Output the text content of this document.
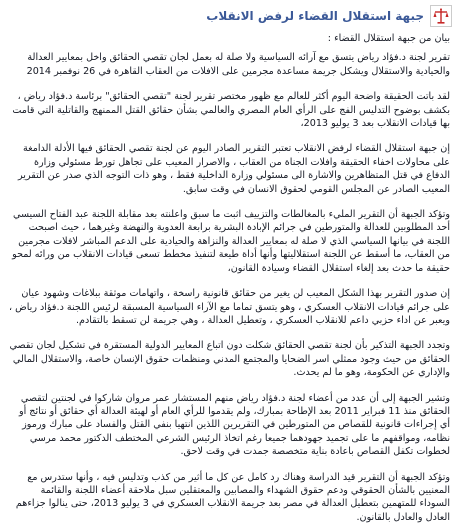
جبهة استقلال القضاء لرفض الانقلاب

بيان من جبهة استقلال القضاء :

تقرير لجنة د.فؤاد رياض يتسق مع آرائه السياسية ولا صلة له بعمل لجان تقصي الحقائق واخل بمعايير العدالة والحيادية والاستقلال ويشكل جريمة مساعدة مجرمين على الافلات من العقاب القاهرة في 26 نوفمبر 2014

لقد باتت الحقيقة واضحة اليوم أكثر للعالم مع ظهور مختصر تقرير لجنة "تقصي الحقائق" برئاسة د.فؤاد رياض ، بكشف بوضوح التدليس الفج على الرأي العام المصري والعالمي بشأن حقائق القتل الممنهج والقاتلية التي قامت بها قيادات الانقلاب بعد 3 يوليو 2013،

إن جبهة استقلال القضاء لرفض الانقلاب تعتبر التقرير الصادر اليوم عن لجنة تقصي الحقائق فيها الأدلة الدامغة على محاولات اخفاء الحقيقة وافلات الجناة من العقاب ، والاصرار المعيب على تجاهل تورط مسئولي وزارة الدفاع في قتل المتظاهرين والاشارة الى مسئولي وزارة الداخلية فقط ، وهو ذات التوجه الذي صدر عن التقرير المعيب الصادر عن المجلس القومي لحقوق الانسان في وقت سابق.

وتؤكد الجبهة أن التقرير المليء بالمغالطات والتزييف اثبت ما سبق واعلنته بعد مقابلة اللجنة عبد الفتاح السيسي أحد المطلوبين للعدالة والمتورطين في جرائم الإبادة البشرية برابعة العدوية والنهضة وغيرهما ، حيث اصبحت اللجنة في بيانها السياسي الذي لا صلة له بمعايير العدالة والنزاهة والحيادية على الدعم المباشر لافلات مجرمين من العقاب، ما أسقط عن اللجنة استقلاليتها وأنها أداة طيعة لتنفيذ مخطط تسعى قيادات الانقلاب من ورائه لمحو حقيقة ما حدث بعد إلغاء استقلال القضاء وسيادة القانون،

إن صدور التقرير بهذا الشكل المعيب لن يغير من حقائق قانونية راسخة ، واتهامات موثقة ببلاغات وشهود عيان على جرائم قيادات الانقلاب العسكري ، وهو يتسق تماما مع الآراء السياسية المسبقة لرئيس اللجنة د.فؤاد رياض ، ويعبر عن اداء حزبي داعم للانقلاب العسكري ، وتعطيل العدالة ، وهي جريمة لن تسقط بالتقادم.

وتجدد الجبهة التذكير بأن لجنة تقصي الحقائق شكلت دون اتباع المعايير الدولية المستقرة في تشكيل لجان تقصي الحقائق من حيث وجود ممثلي اسر الضحايا والمجتمع المدني ومنظمات حقوق الإنسان خاصة، والاستقلال المالي والإداري عن الحكومة، وهو ما لم يحدث.

وتشير الجبهة إلى أن عدد من أعضاء لجنة د.فؤاد رياض منهم المستشار عمر مروان شاركوا في لجنتين لتقصي الحقائق منذ 11 فبراير 2011 بعد الإطاحة بمبارك، ولم يقدموا للرأي العام أو لهيئة العدالة أي حقائق أو نتائج أو أي إجراءات قانونية للقصاص من المتورطين في التقريرين اللذين انتهيا بنفي القتل والفساد على مبارك ورموز نظامه، ومواقفهم ما على تجميد جهودهما جميعا رغم اتخاذ الرئيس الشرعي المختطف الدكتور محمد مرسي لخطوات تكفل القصاص باعادة بناية متخصصة جمدت في وقت لاحق.

وتؤكد الجبهة أن التقرير قيد الدراسة وهناك رد كامل عن كل ما أثير من كذب وتدليس فيه ، وأنها ستدرس مع المعنيين بالشأن الحقوقي ودعم حقوق الشهداء والمصابين والمعتقلين سبل ملاحقة أعضاء اللجنة والقائمة السوداء للمتهمين بتعطيل العدالة في مصر بعد جريمة الانقلاب العسكري في 3 يوليو 2013، حتى ينالوا جزاءهم العادل والعادل بالقانون.
